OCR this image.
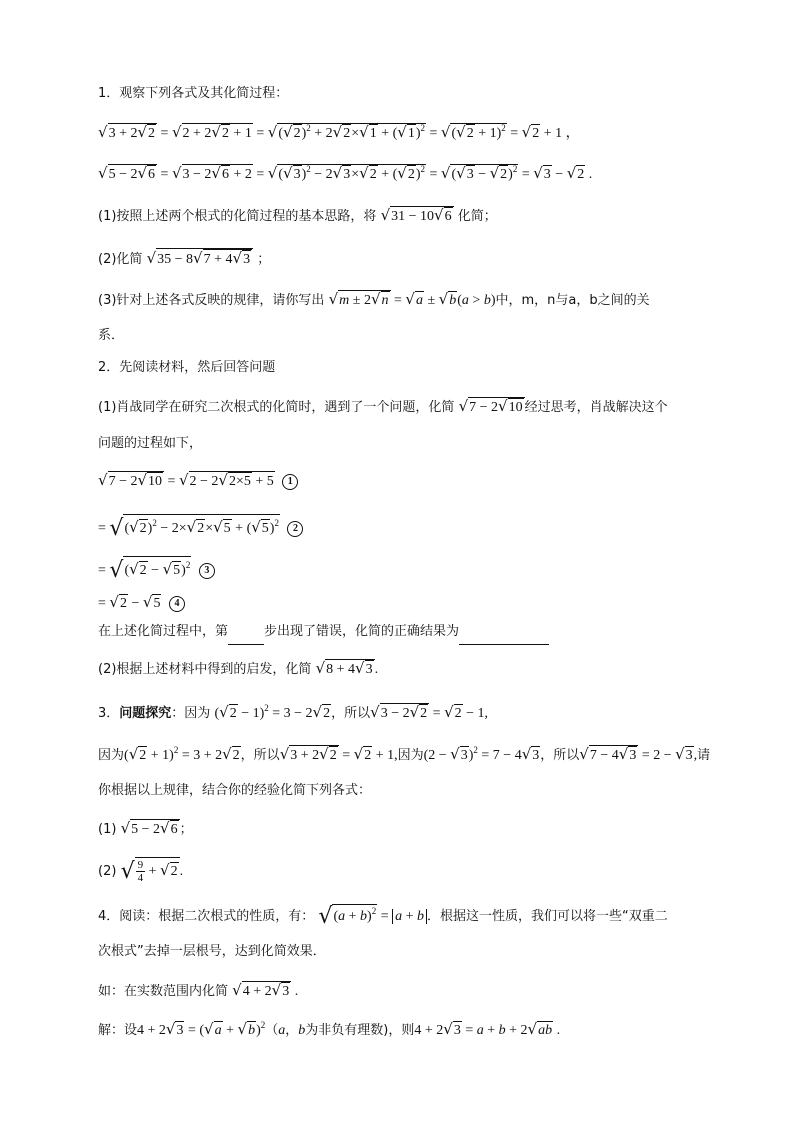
1．观察下列各式及其化简过程：
$√3 + 2√2 = √2 + 2√2 + 1 = √(√2)^2 + 2√2\times√1 + (√1)^2 = √(√2 + 1)^2 = √2 + 1$ ，
$√5 - 2√6 = √3 - 2√6 + 2 = √(√3)^2 - 2√3\times√2 + (√2)^2 = √(√3 - √2)^2 = √3 - √2$ .
(1)按照上述两个根式的化简过程的基本思路，将 √31 − 10√6 化简；
(2)化简 √35 − 8√7 + 4√3 ；
(3)针对上述各式反映的规律，请你写出 √m ± 2√n = √a ± √b(a > b)中，m，n与a，b之间的关
系．
2．先阅读材料，然后回答问题
(1)肖战同学在研究二次根式的化简时，遇到了一个问题，化简 √7 − 2√10 经过思考，肖战解决这个
问题的过程如下，
√7 − 2√10 = √2 − 2√2×5 + 5 1
= $√(√2)^2 - 2\times√2\times√5 + (√5)^2$ 2
= $√(√2 - √5)^2$ 3
= √2 − √5 4
在上述化简过程中，第	步出现了错误，化简的正确结果为
(2)根据上述材料中得到的启发，化简 √8 + 4√3 .
3．问题探究：因为 $(√2 - 1)^2 = 3 - 2√2$，所以√3 − 2√2 = √2 − 1,
因为$(√2 + 1)^2 = 3 + 2√2$，所以√3 + 2√2 = √2 + 1,因为$(2 - √3)^2 = 7 - 4√3$，所以√7 − 4√3 = 2 − √3,请
你根据以上规律，结合你的经验化简下列各式：
(1) √5 − 2√6 ；
(2) √ $\frac{9}{4} + √2$ .
4．阅读：根据二次根式的性质，有： $√(a + b)^2 = a + b$ ．根据这一性质，我们可以将一些“双重二
次根式”去掉一层根号，达到化简效果．
如：在实数范围内化简 √4 + 2√3 .
解：设$4 + 2√3 = (√a + √b)^2(a$，b为非负有理数)，则4 + 2√3 = a + b + 2√ab .
